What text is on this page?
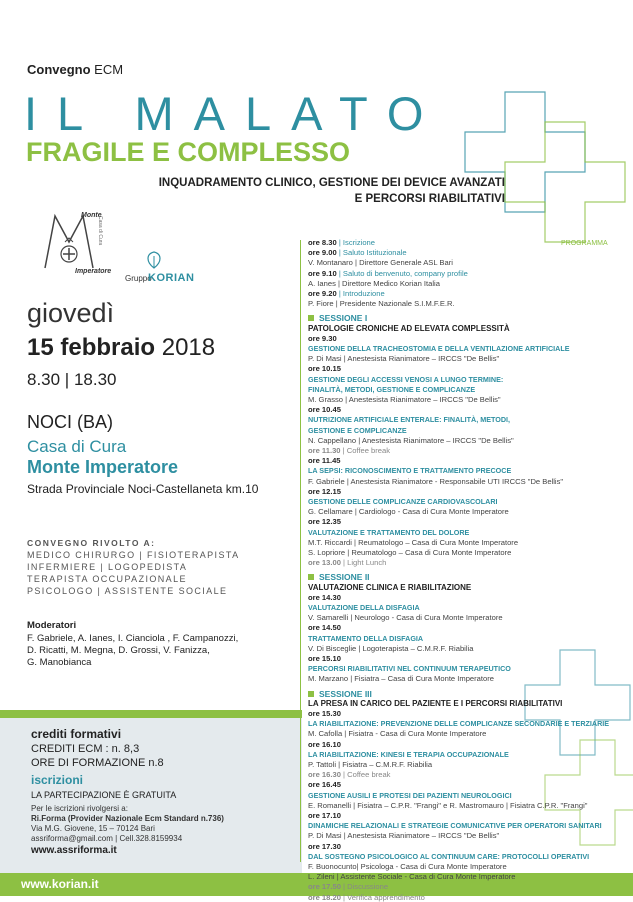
Convegno ECM
IL MALATO
FRAGILE E COMPLESSO
INQUADRAMENTO CLINICO, GESTIONE DEI DEVICE AVANZATI
E PERCORSI RIABILITATIVI
Monte
Imperatore
Casa di Cura
Gruppo
KORIAN
giovedì
15 febbraio 2018
8.30 | 18.30
NOCI (BA)
Casa di Cura
Monte Imperatore
Strada Provinciale Noci-Castellaneta km.10
CONVEGNO RIVOLTO A:
MEDICO CHIRURGO | FISIOTERAPISTA
INFERMIERE | LOGOPEDISTA
TERAPISTA OCCUPAZIONALE
PSICOLOGO | ASSISTENTE SOCIALE
Moderatori
F. Gabriele, A. Ianes, I. Cianciola , F. Campanozzi,
D. Ricatti, M. Megna, D. Grossi, V. Fanizza,
G. Manobianca
crediti formativi
CREDITI ECM : n. 8,3
ORE DI FORMAZIONE n.8
iscrizioni
LA PARTECIPAZIONE È GRATUITA
Per le iscrizioni rivolgersi a:
Ri.Forma (Provider Nazionale Ecm Standard n.736)
Via M.G. Giovene, 15 – 70124 Bari
assriforma@gmail.com | Cell.328.8159934
www.assriforma.it
www.korian.it
PROGRAMMA
ore 8.30 | Iscrizione
ore 9.00 | Saluto Istituzionale
V. Montanaro | Direttore Generale ASL Bari
ore 9.10 | Saluto di benvenuto, company profile
A. Ianes | Direttore Medico Korian Italia
ore 9.20 | Introduzione
P. Fiore | Presidente Nazionale S.I.M.F.E.R.
SESSIONE I
PATOLOGIE CRONICHE AD ELEVATA COMPLESSITÀ
ore 9.30
GESTIONE DELLA TRACHEOSTOMIA E DELLA VENTILAZIONE ARTIFICIALE
P. Di Masi | Anestesista Rianimatore – IRCCS "De Bellis"
ore 10.15
GESTIONE DEGLI ACCESSI VENOSI A LUNGO TERMINE:
FINALITÀ, METODI, GESTIONE E COMPLICANZE
M. Grasso | Anestesista Rianimatore – IRCCS "De Bellis"
ore 10.45
NUTRIZIONE ARTIFICIALE ENTERALE: FINALITÀ, METODI,
GESTIONE E COMPLICANZE
N. Cappellano | Anestesista Rianimatore – IRCCS "De Bellis"
ore 11.30 | Coffee break
ore 11.45
LA SEPSI: RICONOSCIMENTO E TRATTAMENTO PRECOCE
F. Gabriele | Anestesista Rianimatore - Responsabile UTI IRCCS "De Bellis"
ore 12.15
GESTIONE DELLE COMPLICANZE CARDIOVASCOLARI
G. Cellamare | Cardiologo - Casa di Cura Monte Imperatore
ore 12.35
VALUTAZIONE E TRATTAMENTO DEL DOLORE
M.T. Riccardi | Reumatologo – Casa di Cura Monte Imperatore
S. Lopriore | Reumatologo – Casa di Cura Monte Imperatore
ore 13.00 | Light Lunch
SESSIONE II
VALUTAZIONE CLINICA E RIABILITAZIONE
ore 14.30
VALUTAZIONE DELLA DISFAGIA
V. Samarelli | Neurologo - Casa di Cura Monte Imperatore
ore 14.50
TRATTAMENTO DELLA DISFAGIA
V. Di Bisceglie | Logoterapista – C.M.R.F. Riabilia
ore 15.10
PERCORSI RIABILITATIVI NEL CONTINUUM TERAPEUTICO
M. Marzano | Fisiatra – Casa di Cura Monte Imperatore
SESSIONE III
LA PRESA IN CARICO DEL PAZIENTE E I PERCORSI RIABILITATIVI
ore 15.30
LA RIABILITAZIONE: PREVENZIONE DELLE COMPLICANZE SECONDARIE E TERZIARIE
M. Cafolla | Fisiatra - Casa di Cura Monte Imperatore
ore 16.10
LA RIABILITAZIONE: KINESI E TERAPIA OCCUPAZIONALE
P. Tattoli | Fisiatra – C.M.R.F. Riabilia
ore 16.30 | Coffee break
ore 16.45
GESTIONE AUSILI E PROTESI DEI PAZIENTI NEUROLOGICI
E. Romanelli | Fisiatra – C.P.R. "Frangi" e R. Mastromauro | Fisiatra C.P.R. "Frangi"
ore 17.10
DINAMICHE RELAZIONALI E STRATEGIE COMUNICATIVE PER OPERATORI SANITARI
P. Di Masi | Anestesista Rianimatore – IRCCS "De Bellis"
ore 17.30
DAL SOSTEGNO PSICOLOGICO AL CONTINUUM CARE: PROTOCOLLI OPERATIVI
F. Buonocunto| Psicologa - Casa di Cura Monte Imperatore
L. Zileni | Assistente Sociale - Casa di Cura Monte Imperatore
ore 17.50 | Discussione
ore 18.20 | Verifica apprendimento
